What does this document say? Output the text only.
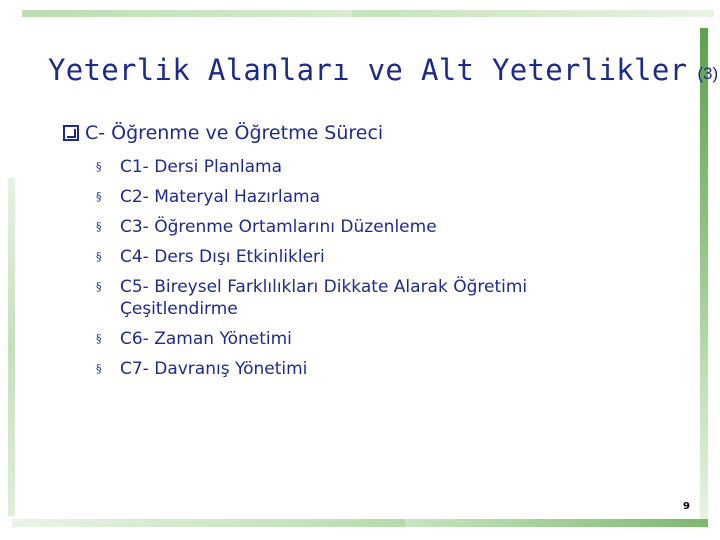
Yeterlik Alanları ve Alt Yeterlikler (3)
C- Öğrenme ve Öğretme Süreci
§	C1- Dersi Planlama
§	C2- Materyal Hazırlama
§	C3- Öğrenme Ortamlarını Düzenleme
§	C4- Ders Dışı Etkinlikleri
§	C5- Bireysel Farklılıkları Dikkate Alarak Öğretimi Çeşitlendirme
§	C6- Zaman Yönetimi
§	C7- Davranış Yönetimi
9
